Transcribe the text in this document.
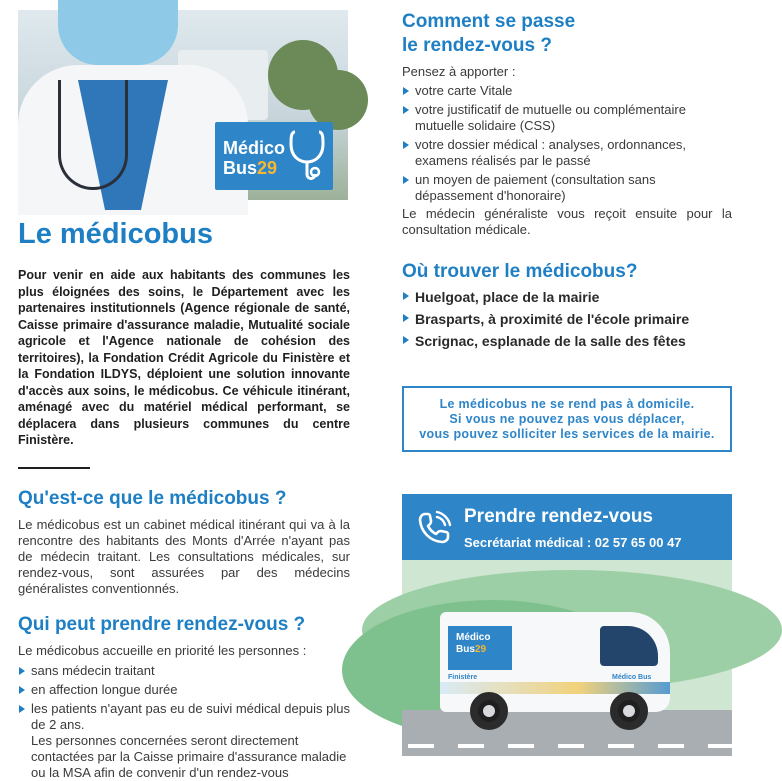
Médico
Bus29
Le médicobus

Pour venir en aide aux habitants des communes les plus éloignées des soins, le Département avec les partenaires institutionnels (Agence régionale de santé, Caisse primaire d'assurance maladie, Mutualité sociale agricole et l'Agence nationale de cohésion des territoires), la Fondation Crédit Agricole du Finistère et la Fondation ILDYS, déploient une solution innovante d'accès aux soins, le médicobus. Ce véhicule itinérant, aménagé avec du matériel médical performant, se déplacera dans plusieurs communes du centre Finistère.

Qu'est-ce que le médicobus ?

Le médicobus est un cabinet médical itinérant qui va à la rencontre des habitants des Monts d'Arrée n'ayant pas de médecin traitant. Les consultations médicales, sur rendez-vous, sont assurées par des médecins généralistes conventionnés.

Qui peut prendre rendez-vous ?

Le médicobus accueille en priorité les personnes :

sans médecin traitant
en affection longue durée
les patients n'ayant pas eu de suivi médical depuis plus de 2 ans.

Les personnes concernées seront directement contactées par la Caisse primaire d'assurance maladie ou la MSA afin de convenir d'un rendez-vous

Comment se passe
le rendez-vous ?

Pensez à apporter :

votre carte Vitale
votre justificatif de mutuelle ou complémentaire mutuelle solidaire (CSS)
votre dossier médical : analyses, ordonnances, examens réalisés par le passé
un moyen de paiement (consultation sans dépassement d'honoraire)

Le médecin généraliste vous reçoit ensuite pour la consultation médicale.

Où trouver le médicobus?
Huelgoat, place de la mairie
Brasparts, à proximité de l'école primaire
Scrignac, esplanade de la salle des fêtes
Le médicobus ne se rend pas à domicile.
Si vous ne pouvez pas vous déplacer,
vous pouvez solliciter les services de la mairie.
Prendre rendez-vous
Secrétariat médical : 02 57 65 00 47
Médico
Bus29
Finistère	Médico Bus
